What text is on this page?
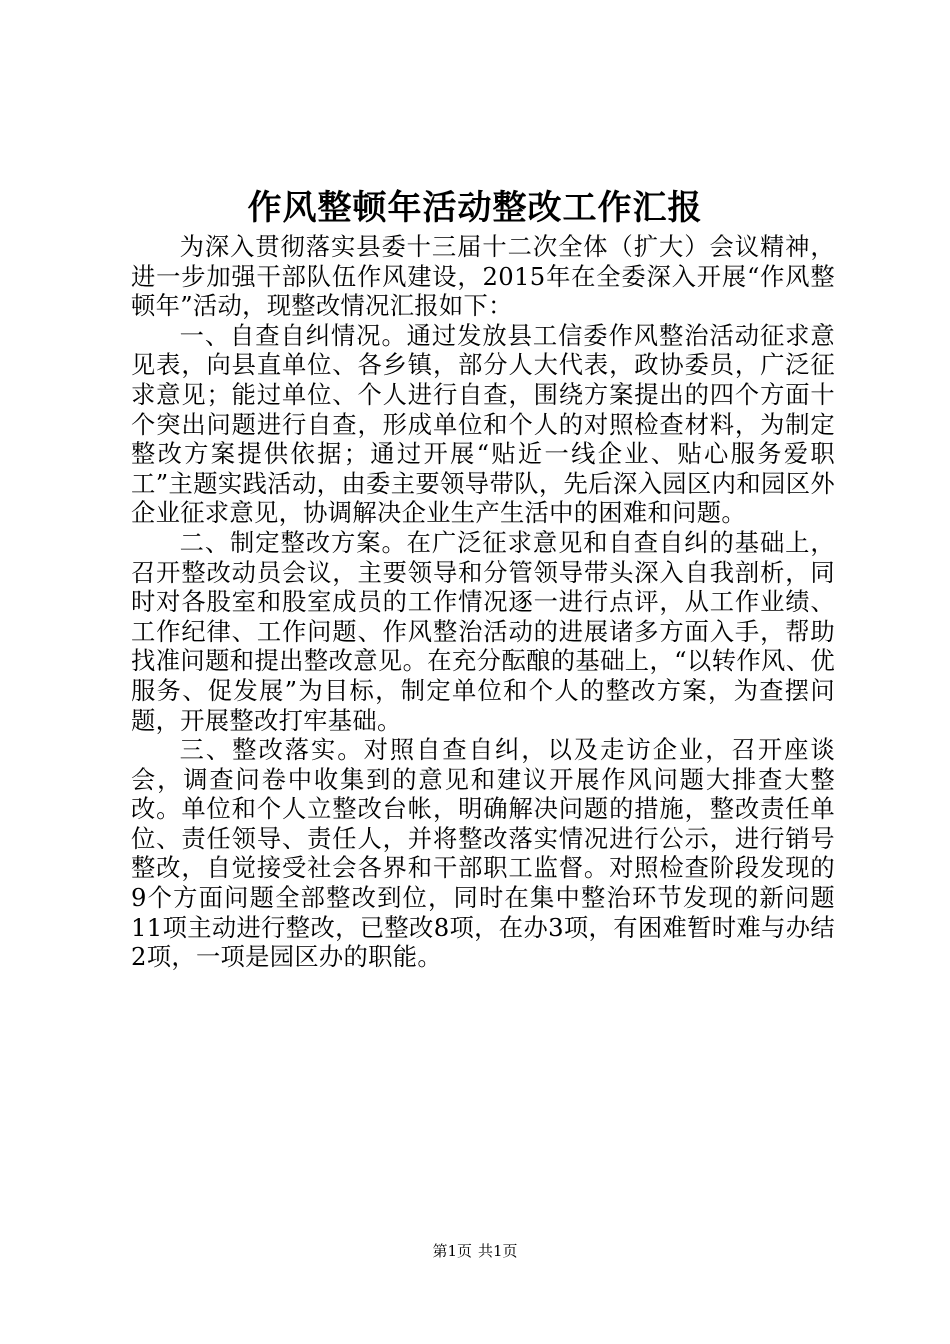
作风整顿年活动整改工作汇报

为深入贯彻落实县委十三届十二次全体（扩大）会议精神，进一步加强干部队伍作风建设，2015年在全委深入开展“作风整顿年”活动，现整改情况汇报如下：

一、自查自纠情况。通过发放县工信委作风整治活动征求意见表，向县直单位、各乡镇，部分人大代表，政协委员，广泛征求意见；能过单位、个人进行自查，围绕方案提出的四个方面十个突出问题进行自查，形成单位和个人的对照检查材料，为制定整改方案提供依据；通过开展“贴近一线企业、贴心服务爱职工”主题实践活动，由委主要领导带队，先后深入园区内和园区外企业征求意见，协调解决企业生产生活中的困难和问题。

二、制定整改方案。在广泛征求意见和自查自纠的基础上，召开整改动员会议，主要领导和分管领导带头深入自我剖析，同时对各股室和股室成员的工作情况逐一进行点评，从工作业绩、工作纪律、工作问题、作风整治活动的进展诸多方面入手，帮助找准问题和提出整改意见。在充分酝酿的基础上，“以转作风、优服务、促发展”为目标，制定单位和个人的整改方案，为查摆问题，开展整改打牢基础。

三、整改落实。对照自查自纠，以及走访企业，召开座谈会，调查问卷中收集到的意见和建议开展作风问题大排查大整改。单位和个人立整改台帐，明确解决问题的措施，整改责任单位、责任领导、责任人，并将整改落实情况进行公示，进行销号整改，自觉接受社会各界和干部职工监督。对照检查阶段发现的9个方面问题全部整改到位，同时在集中整治环节发现的新问题11项主动进行整改，已整改8项，在办3项，有困难暂时难与办结2项，一项是园区办的职能。

第1页 共1页
